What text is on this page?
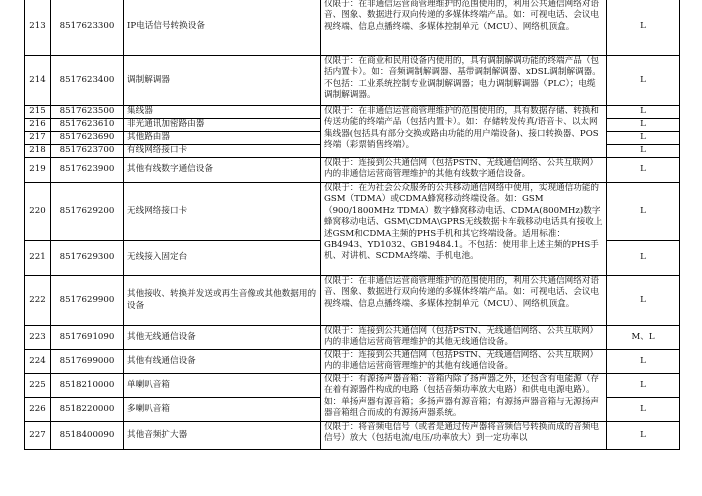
213	8517623300	IP电话信号转换设备	仅限于：在非通信运营商管理维护的范围使用的，利用公共通信网络对语音、图象、数据进行双向传递的多媒体终端产品。如：可视电话、会议电视终端、信息点播终端、多媒体控制单元（MCU）、网络机顶盒。	L
214	8517623400	调制解调器	仅限于：在商业和民用设备内使用的，具有调制解调功能的终端产品（包括内置卡）。如：音频调制解调器、基带调制解调器、xDSL调制解调器。不包括：工业系统控制专业调制解调器；电力调制解调器（PLC）；电缆调制解调器。	L
215	8517623500	集线器	仅限于：在非通信运营商管理维护的范围使用的，具有数据存储、转换和传送功能的终端产品（包括内置卡）。如：存储转发传真/语音卡、以太网集线器(包括具有部分交换或路由功能的用户端设备)、接口转换器、POS终端（彩票销售终端）。	L
216	8517623610	非光通讯加密路由器		L
217	8517623690	其他路由器		L
218	8517623700	有线网络接口卡		L
219	8517623900	其他有线数字通信设备	仅限于：连接到公共通信网（包括PSTN、无线通信网络、公共互联网）内的非通信运营商管理维护的其他有线数字通信设备。	L
220	8517629200	无线网络接口卡	仅限于：在为社会公众服务的公共移动通信网络中使用，实现通信功能的GSM（TDMA）或CDMA蜂窝移动终端设备。如：GSM（900/1800MHz TDMA）数字蜂窝移动电话、CDMA(800MHz)数字蜂窝移动电话、GSM\CDMA\GPRS无线数据卡车载移动电话具有接收上述GSM和CDMA主频的PHS手机和其它终端设备。适用标准：GB4943、YD1032、GB19484.1。不包括：使用非上述主频的PHS手机、对讲机、SCDMA终端、手机电池。	L
221	8517629300	无线接入固定台		L
222	8517629900	其他接收、转换并发送或再生音像或其他数据用的设备	仅限于：在非通信运营商管理维护的范围使用的，利用公共通信网络对语音、图象、数据进行双向传递的多媒体终端产品。如：可视电话、会议电视终端、信息点播终端、多媒体控制单元（MCU）、网络机顶盒。	L
223	8517691090	其他无线通信设备	仅限于：连接到公共通信网（包括PSTN、无线通信网络、公共互联网）内的非通信运营商管理维护的其他无线通信设备。	M、L
224	8517699000	其他有线通信设备	仅限于：连接到公共通信网（包括PSTN、无线通信网络、公共互联网）内的非通信运营商管理维护的其他有线通信设备。	L
225	8518210000	单喇叭音箱	仅限于：有源扬声器音箱：音箱内除了扬声器之外，还包含有电能源（存在着有源器件构成的电路（包括音频功率放大电路）和供电电源电路）。如：单扬声器有源音箱；多扬声器有源音箱；有源扬声器音箱与无源扬声器音箱组合而成的有源扬声器系统。	L
226	8518220000	多喇叭音箱		L
227	8518400090	其他音频扩大器	仅限于：将音频电信号（或者是通过传声器将音频信号转换而成的音频电信号）放大（包括电流/电压/功率放大）到一定功率以	L
